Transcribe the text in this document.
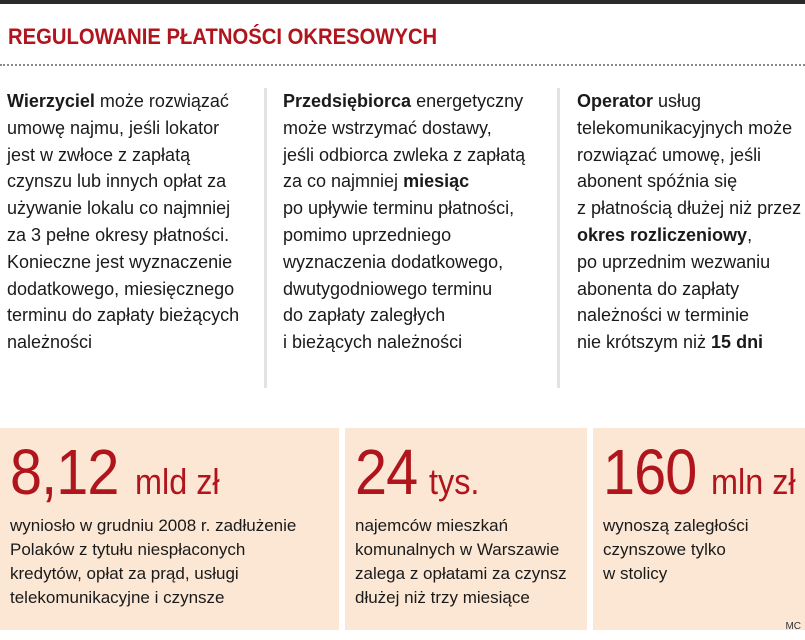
REGULOWANIE PŁATNOŚCI OKRESOWYCH
Wierzyciel może rozwiązać
umowę najmu, jeśli lokator
jest w zwłoce z zapłatą
czynszu lub innych opłat za
używanie lokalu co najmniej
za 3 pełne okresy płatności.
Konieczne jest wyznaczenie
dodatkowego, miesięcznego
terminu do zapłaty bieżących
należności
Przedsiębiorca energetyczny
może wstrzymać dostawy,
jeśli odbiorca zwleka z zapłatą
za co najmniej miesiąc
po upływie terminu płatności,
pomimo uprzedniego
wyznaczenia dodatkowego,
dwutygodniowego terminu
do zapłaty zaległych
i bieżących należności
Operator usług
telekomunikacyjnych może
rozwiązać umowę, jeśli
abonent spóźnia się
z płatnością dłużej niż przez
okres rozliczeniowy,
po uprzednim wezwaniu
abonenta do zapłaty
należności w terminie
nie krótszym niż 15 dni
8,12 mld zł
wyniosło w grudniu 2008 r. zadłużenie
Polaków z tytułu niespłaconych
kredytów, opłat za prąd, usługi
telekomunikacyjne i czynsze
24 tys.
najemców mieszkań
komunalnych w Warszawie
zalega z opłatami za czynsz
dłużej niż trzy miesiące
160 mln zł
wynoszą zaległości
czynszowe tylko
w stolicy
MC
